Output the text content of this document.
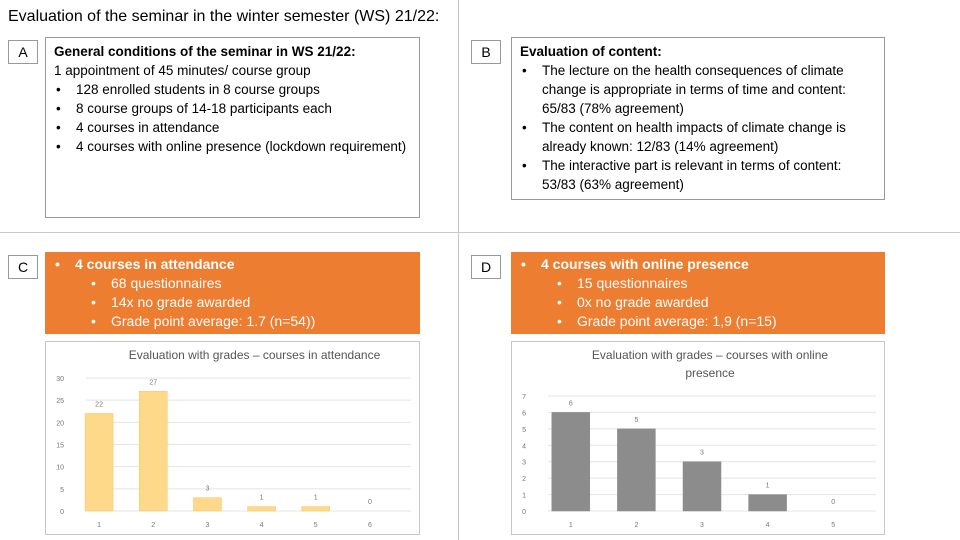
Evaluation of the seminar in the winter semester (WS) 21/22:
A	General conditions of the seminar in WS 21/22:
1 appointment of 45 minutes/ course group
• 128 enrolled students in 8 course groups
• 8 course groups of 14-18 participants each
• 4 courses in attendance
• 4 courses with online presence (lockdown requirement)
B	Evaluation of content:
• The lecture on the health consequences of climate change is appropriate in terms of time and content: 65/83 (78% agreement)
• The content on health impacts of climate change is already known: 12/83 (14% agreement)
• The interactive part is relevant in terms of content: 53/83 (63% agreement)
C	• 4 courses in attendance
• 68 questionnaires
• 14x no grade awarded
• Grade point average: 1.7 (n=54))
Evaluation with grades – courses in attendance
0
5
10
15
20
25
30
22
1
27
2
3
3
1
4
1
5
0
6
D	• 4 courses with online presence
• 15 questionnaires
• 0x no grade awarded
• Grade point average: 1,9 (n=15)
Evaluation with grades – courses with online presence
0
1
2
3
4
5
6
7
6
1
5
2
3
3
1
4
0
5
